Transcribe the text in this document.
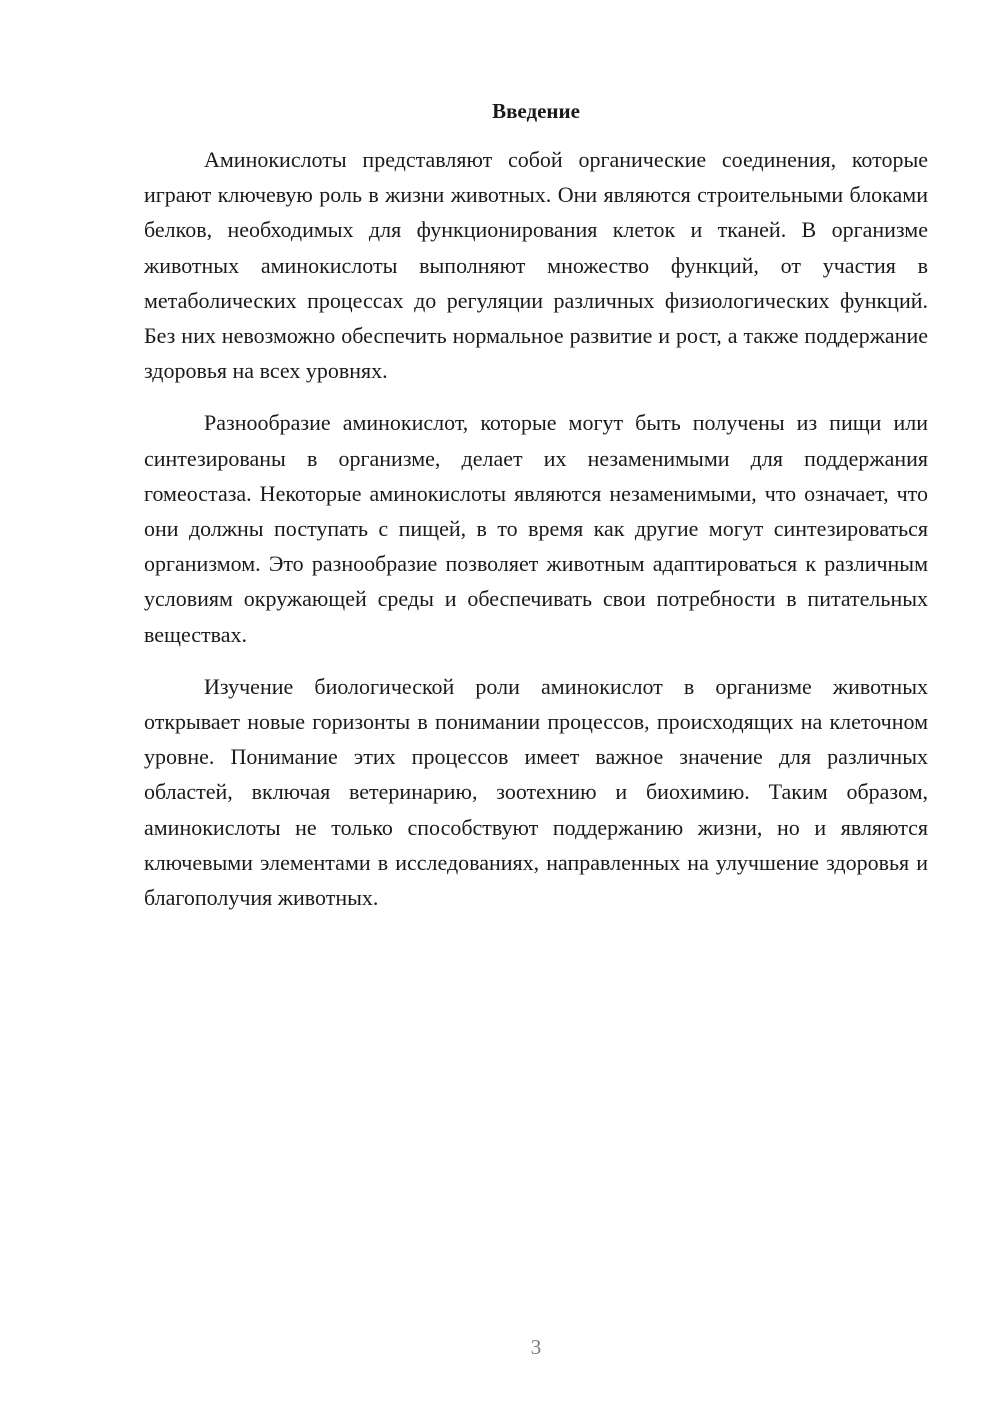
Введение

Аминокислоты представляют собой органические соединения, которые играют ключевую роль в жизни животных. Они являются строительными блоками белков, необходимых для функционирования клеток и тканей. В организме животных аминокислоты выполняют множество функций, от участия в метаболических процессах до регуляции различных физиологических функций. Без них невозможно обеспечить нормальное развитие и рост, а также поддержание здоровья на всех уровнях.

Разнообразие аминокислот, которые могут быть получены из пищи или синтезированы в организме, делает их незаменимыми для поддержания гомеостаза. Некоторые аминокислоты являются незаменимыми, что означает, что они должны поступать с пищей, в то время как другие могут синтезироваться организмом. Это разнообразие позволяет животным адаптироваться к различным условиям окружающей среды и обеспечивать свои потребности в питательных веществах.

Изучение биологической роли аминокислот в организме животных открывает новые горизонты в понимании процессов, происходящих на клеточном уровне. Понимание этих процессов имеет важное значение для различных областей, включая ветеринарию, зоотехнию и биохимию. Таким образом, аминокислоты не только способствуют поддержанию жизни, но и являются ключевыми элементами в исследованиях, направленных на улучшение здоровья и благополучия животных.

3
